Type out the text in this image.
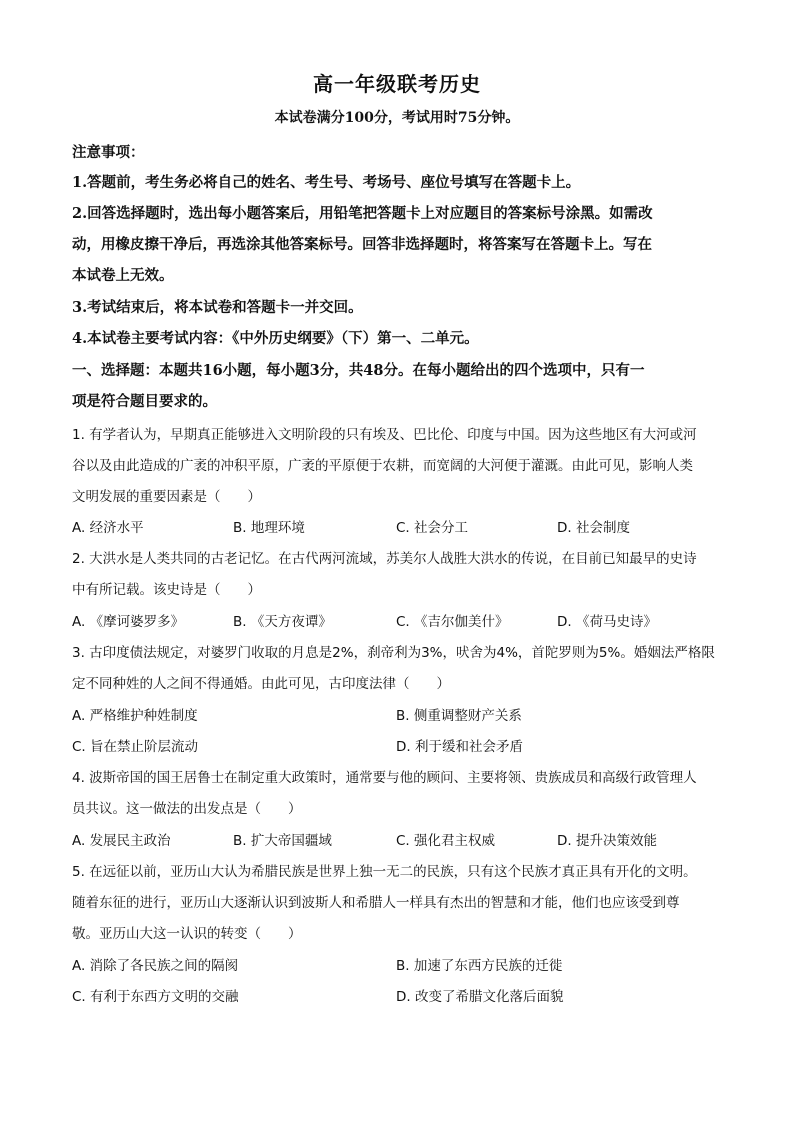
高一年级联考历史
本试卷满分100分，考试用时75分钟。
注意事项：
1.答题前，考生务必将自己的姓名、考生号、考场号、座位号填写在答题卡上。
2.回答选择题时，选出每小题答案后，用铅笔把答题卡上对应题目的答案标号涂黑。如需改
动，用橡皮擦干净后，再选涂其他答案标号。回答非选择题时，将答案写在答题卡上。写在
本试卷上无效。
3.考试结束后，将本试卷和答题卡一并交回。
4.本试卷主要考试内容：《中外历史纲要》（下）第一、二单元。
一、选择题：本题共16小题，每小题3分，共48分。在每小题给出的四个选项中，只有一
项是符合题目要求的。
1. 有学者认为，早期真正能够进入文明阶段的只有埃及、巴比伦、印度与中国。因为这些地区有大河或河
谷以及由此造成的广袤的冲积平原，广袤的平原便于农耕，而宽阔的大河便于灌溉。由此可见，影响人类
文明发展的重要因素是（　　）
A. 经济水平	B. 地理环境	C. 社会分工	D. 社会制度
2. 大洪水是人类共同的古老记忆。在古代两河流域，苏美尔人战胜大洪水的传说，在目前已知最早的史诗
中有所记载。该史诗是（　　）
A. 《摩诃婆罗多》	B. 《天方夜谭》	C. 《吉尔伽美什》	D. 《荷马史诗》
3. 古印度债法规定，对婆罗门收取的月息是2%，刹帝利为3%，吠舍为4%，首陀罗则为5%。婚姻法严格限
定不同种姓的人之间不得通婚。由此可见，古印度法律（　　）
A. 严格维护种姓制度	B. 侧重调整财产关系
C. 旨在禁止阶层流动	D. 利于缓和社会矛盾
4. 波斯帝国的国王居鲁士在制定重大政策时，通常要与他的顾问、主要将领、贵族成员和高级行政管理人
员共议。这一做法的出发点是（　　）
A. 发展民主政治	B. 扩大帝国疆域	C. 强化君主权威	D. 提升决策效能
5. 在远征以前，亚历山大认为希腊民族是世界上独一无二的民族，只有这个民族才真正具有开化的文明。
随着东征的进行，亚历山大逐渐认识到波斯人和希腊人一样具有杰出的智慧和才能，他们也应该受到尊
敬。亚历山大这一认识的转变（　　）
A. 消除了各民族之间的隔阂	B. 加速了东西方民族的迁徙
C. 有利于东西方文明的交融	D. 改变了希腊文化落后面貌
